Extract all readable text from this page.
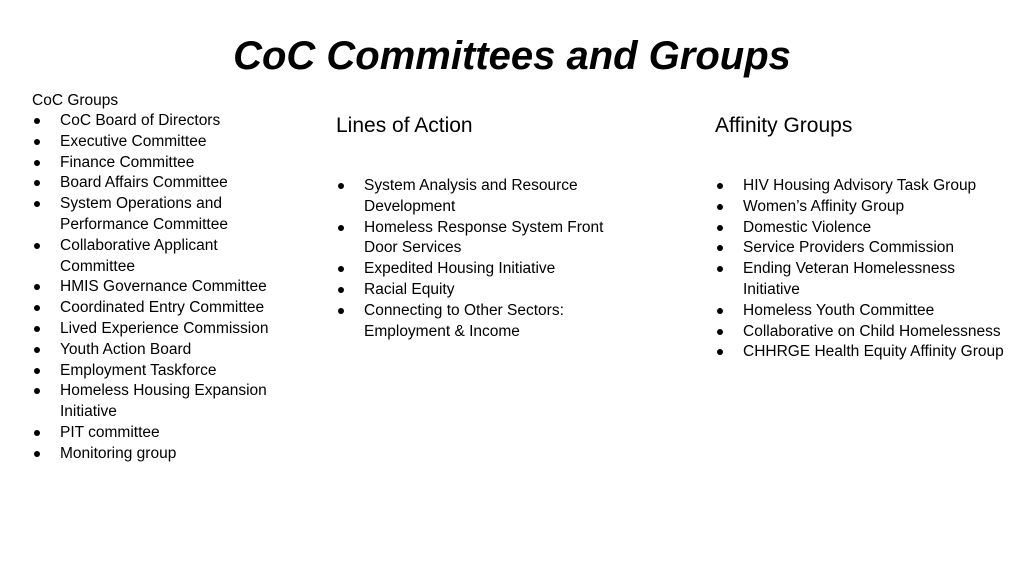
CoC Committees and Groups
CoC Groups
CoC Board of Directors
Executive Committee
Finance Committee
Board Affairs Committee
System Operations and Performance Committee
Collaborative Applicant Committee
HMIS Governance Committee
Coordinated Entry Committee
Lived Experience Commission
Youth Action Board
Employment Taskforce
Homeless Housing Expansion Initiative
PIT committee
Monitoring group
Lines of Action
System Analysis and Resource Development
Homeless Response System Front Door Services
Expedited Housing Initiative
Racial Equity
Connecting to Other Sectors: Employment & Income
Affinity Groups
HIV Housing Advisory Task Group
Women’s Affinity Group
Domestic Violence
Service Providers Commission
Ending Veteran Homelessness Initiative
Homeless Youth Committee
Collaborative on Child Homelessness
CHHRGE Health Equity Affinity Group
